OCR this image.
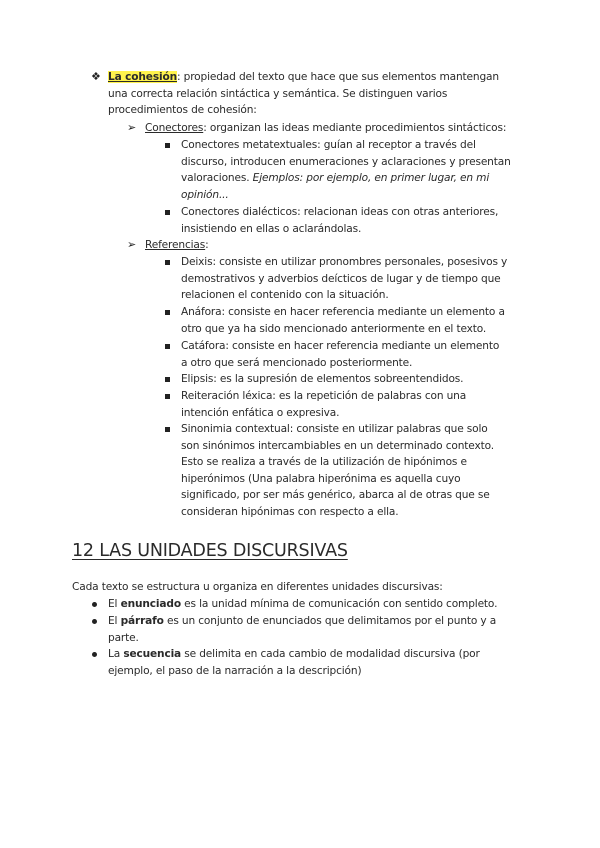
❖ La cohesión: propiedad del texto que hace que sus elementos mantengan
una correcta relación sintáctica y semántica. Se distinguen varios
procedimientos de cohesión:
➢ Conectores: organizan las ideas mediante procedimientos sintácticos:
Conectores metatextuales: guían al receptor a través del
discurso, introducen enumeraciones y aclaraciones y presentan
valoraciones. Ejemplos: por ejemplo, en primer lugar, en mi
opinión...
Conectores dialécticos: relacionan ideas con otras anteriores,
insistiendo en ellas o aclarándolas.
➢ Referencias:
Deixis: consiste en utilizar pronombres personales, posesivos y
demostrativos y adverbios deícticos de lugar y de tiempo que
relacionen el contenido con la situación.
Anáfora: consiste en hacer referencia mediante un elemento a
otro que ya ha sido mencionado anteriormente en el texto.
Catáfora: consiste en hacer referencia mediante un elemento
a otro que será mencionado posteriormente.
Elipsis: es la supresión de elementos sobreentendidos.
Reiteración léxica: es la repetición de palabras con una
intención enfática o expresiva.
Sinonimia contextual: consiste en utilizar palabras que solo
son sinónimos intercambiables en un determinado contexto.
Esto se realiza a través de la utilización de hipónimos e
hiperónimos (Una palabra hiperónima es aquella cuyo
significado, por ser más genérico, abarca al de otras que se
consideran hipónimas con respecto a ella.
12 LAS UNIDADES DISCURSIVAS
Cada texto se estructura u organiza en diferentes unidades discursivas:
El enunciado es la unidad mínima de comunicación con sentido completo.
El párrafo es un conjunto de enunciados que delimitamos por el punto y a
parte.
La secuencia se delimita en cada cambio de modalidad discursiva (por
ejemplo, el paso de la narración a la descripción)
